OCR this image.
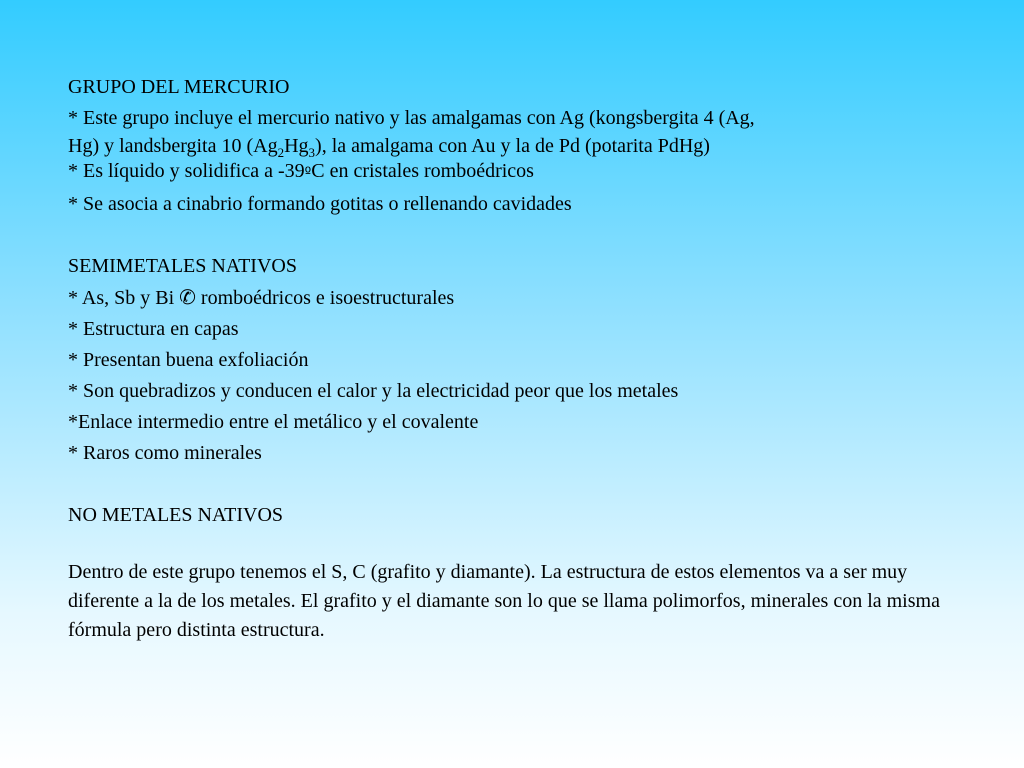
GRUPO DEL MERCURIO
* Este grupo incluye el mercurio nativo y las amalgamas con Ag (kongsbergita 4 (Ag,
Hg) y landsbergita 10 $(Ag_2Hg_3)$, la amalgama con Au y la de Pd (potarita PdHg)
* Es líquido y solidifica a -39ºC en cristales romboédricos
* Se asocia a cinabrio formando gotitas o rellenando cavidades
SEMIMETALES NATIVOS
* As, Sb y Bi ✆ romboédricos e isoestructurales
* Estructura en capas
* Presentan buena exfoliación
* Son quebradizos y conducen el calor y la electricidad peor que los metales
*Enlace intermedio entre el metálico y el covalente
* Raros como minerales
NO METALES NATIVOS

Dentro de este grupo tenemos el S, C (grafito y diamante). La estructura de estos elementos va a ser muy diferente a la de los metales. El grafito y el diamante son lo que se llama polimorfos, minerales con la misma fórmula pero distinta estructura.
